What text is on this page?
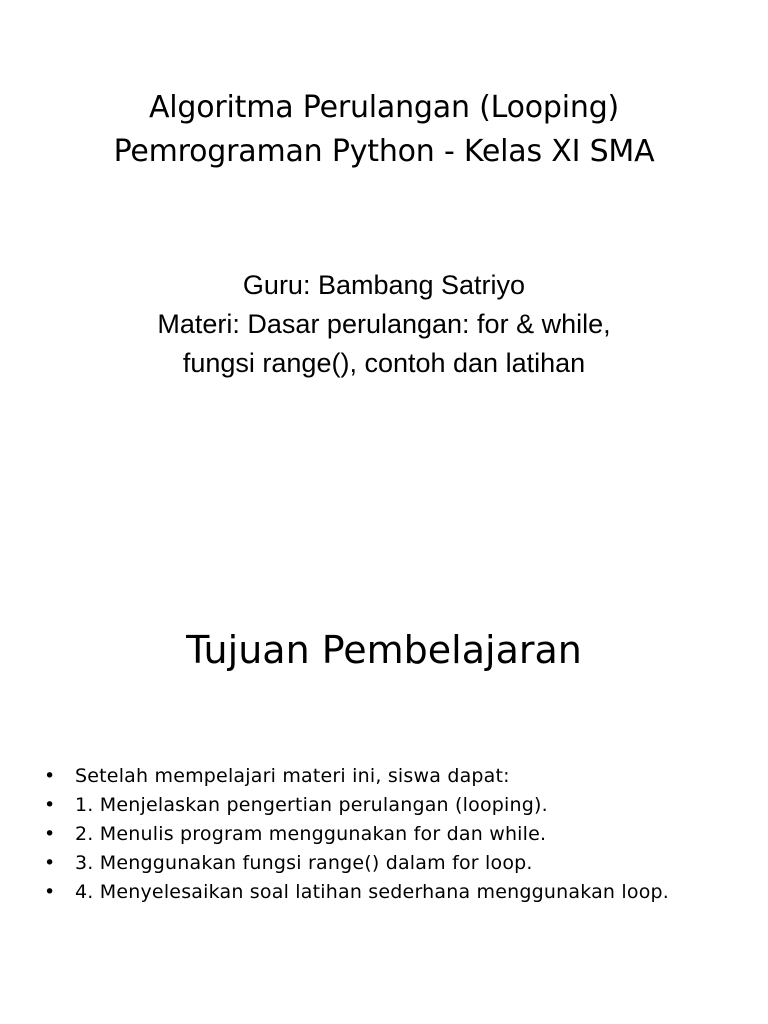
Algoritma Perulangan (Looping)
Pemrograman Python - Kelas XI SMA
Guru: Bambang Satriyo
Materi: Dasar perulangan: for & while,
fungsi range(), contoh dan latihan
Tujuan Pembelajaran
• Setelah mempelajari materi ini, siswa dapat:
• 1. Menjelaskan pengertian perulangan (looping).
• 2. Menulis program menggunakan for dan while.
• 3. Menggunakan fungsi range() dalam for loop.
• 4. Menyelesaikan soal latihan sederhana menggunakan loop.
